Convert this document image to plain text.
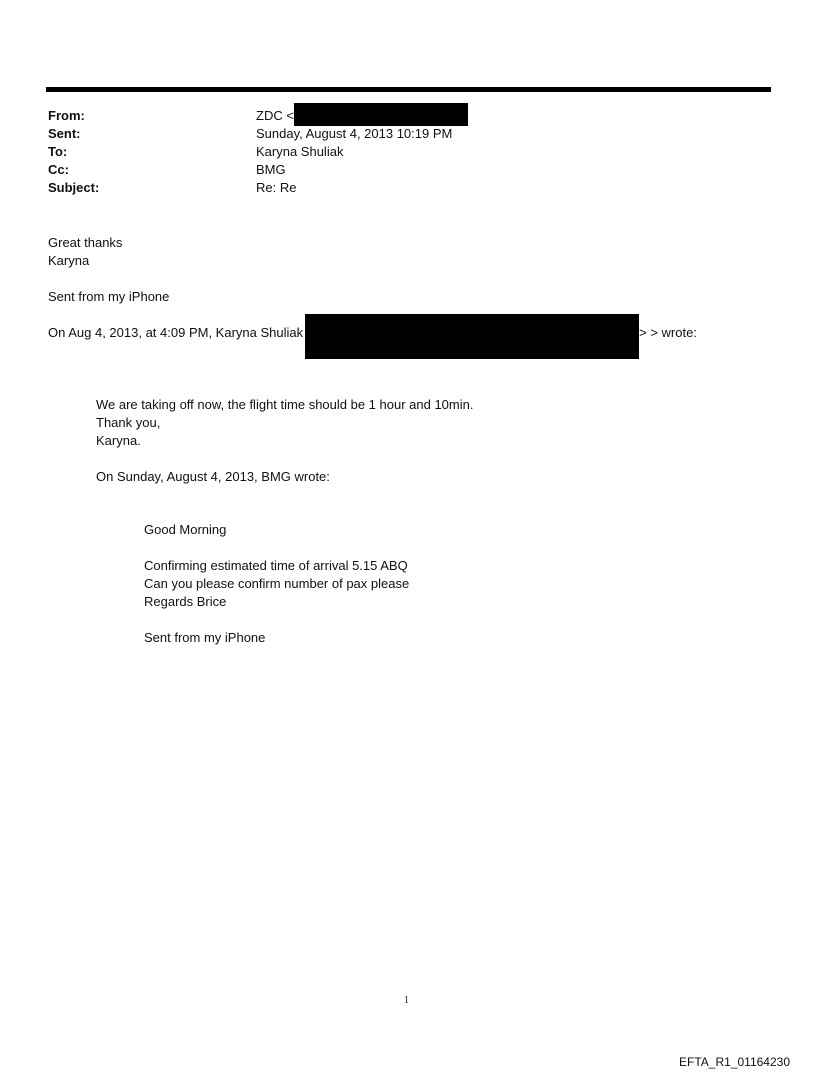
From:	ZDC <
Sent:	Sunday, August 4, 2013 10:19 PM
To:	Karyna Shuliak
Cc:	BMG
Subject:	Re: Re
Great thanks
Karyna
Sent from my iPhone
On Aug 4, 2013, at 4:09 PM, Karyna Shuliak	> > wrote:
We are taking off now, the flight time should be 1 hour and 10min.
Thank you,
Karyna.
On Sunday, August 4, 2013, BMG wrote:
Good Morning
Confirming estimated time of arrival 5.15 ABQ
Can you please confirm number of pax please
Regards Brice
Sent from my iPhone
1
EFTA_R1_01164230
